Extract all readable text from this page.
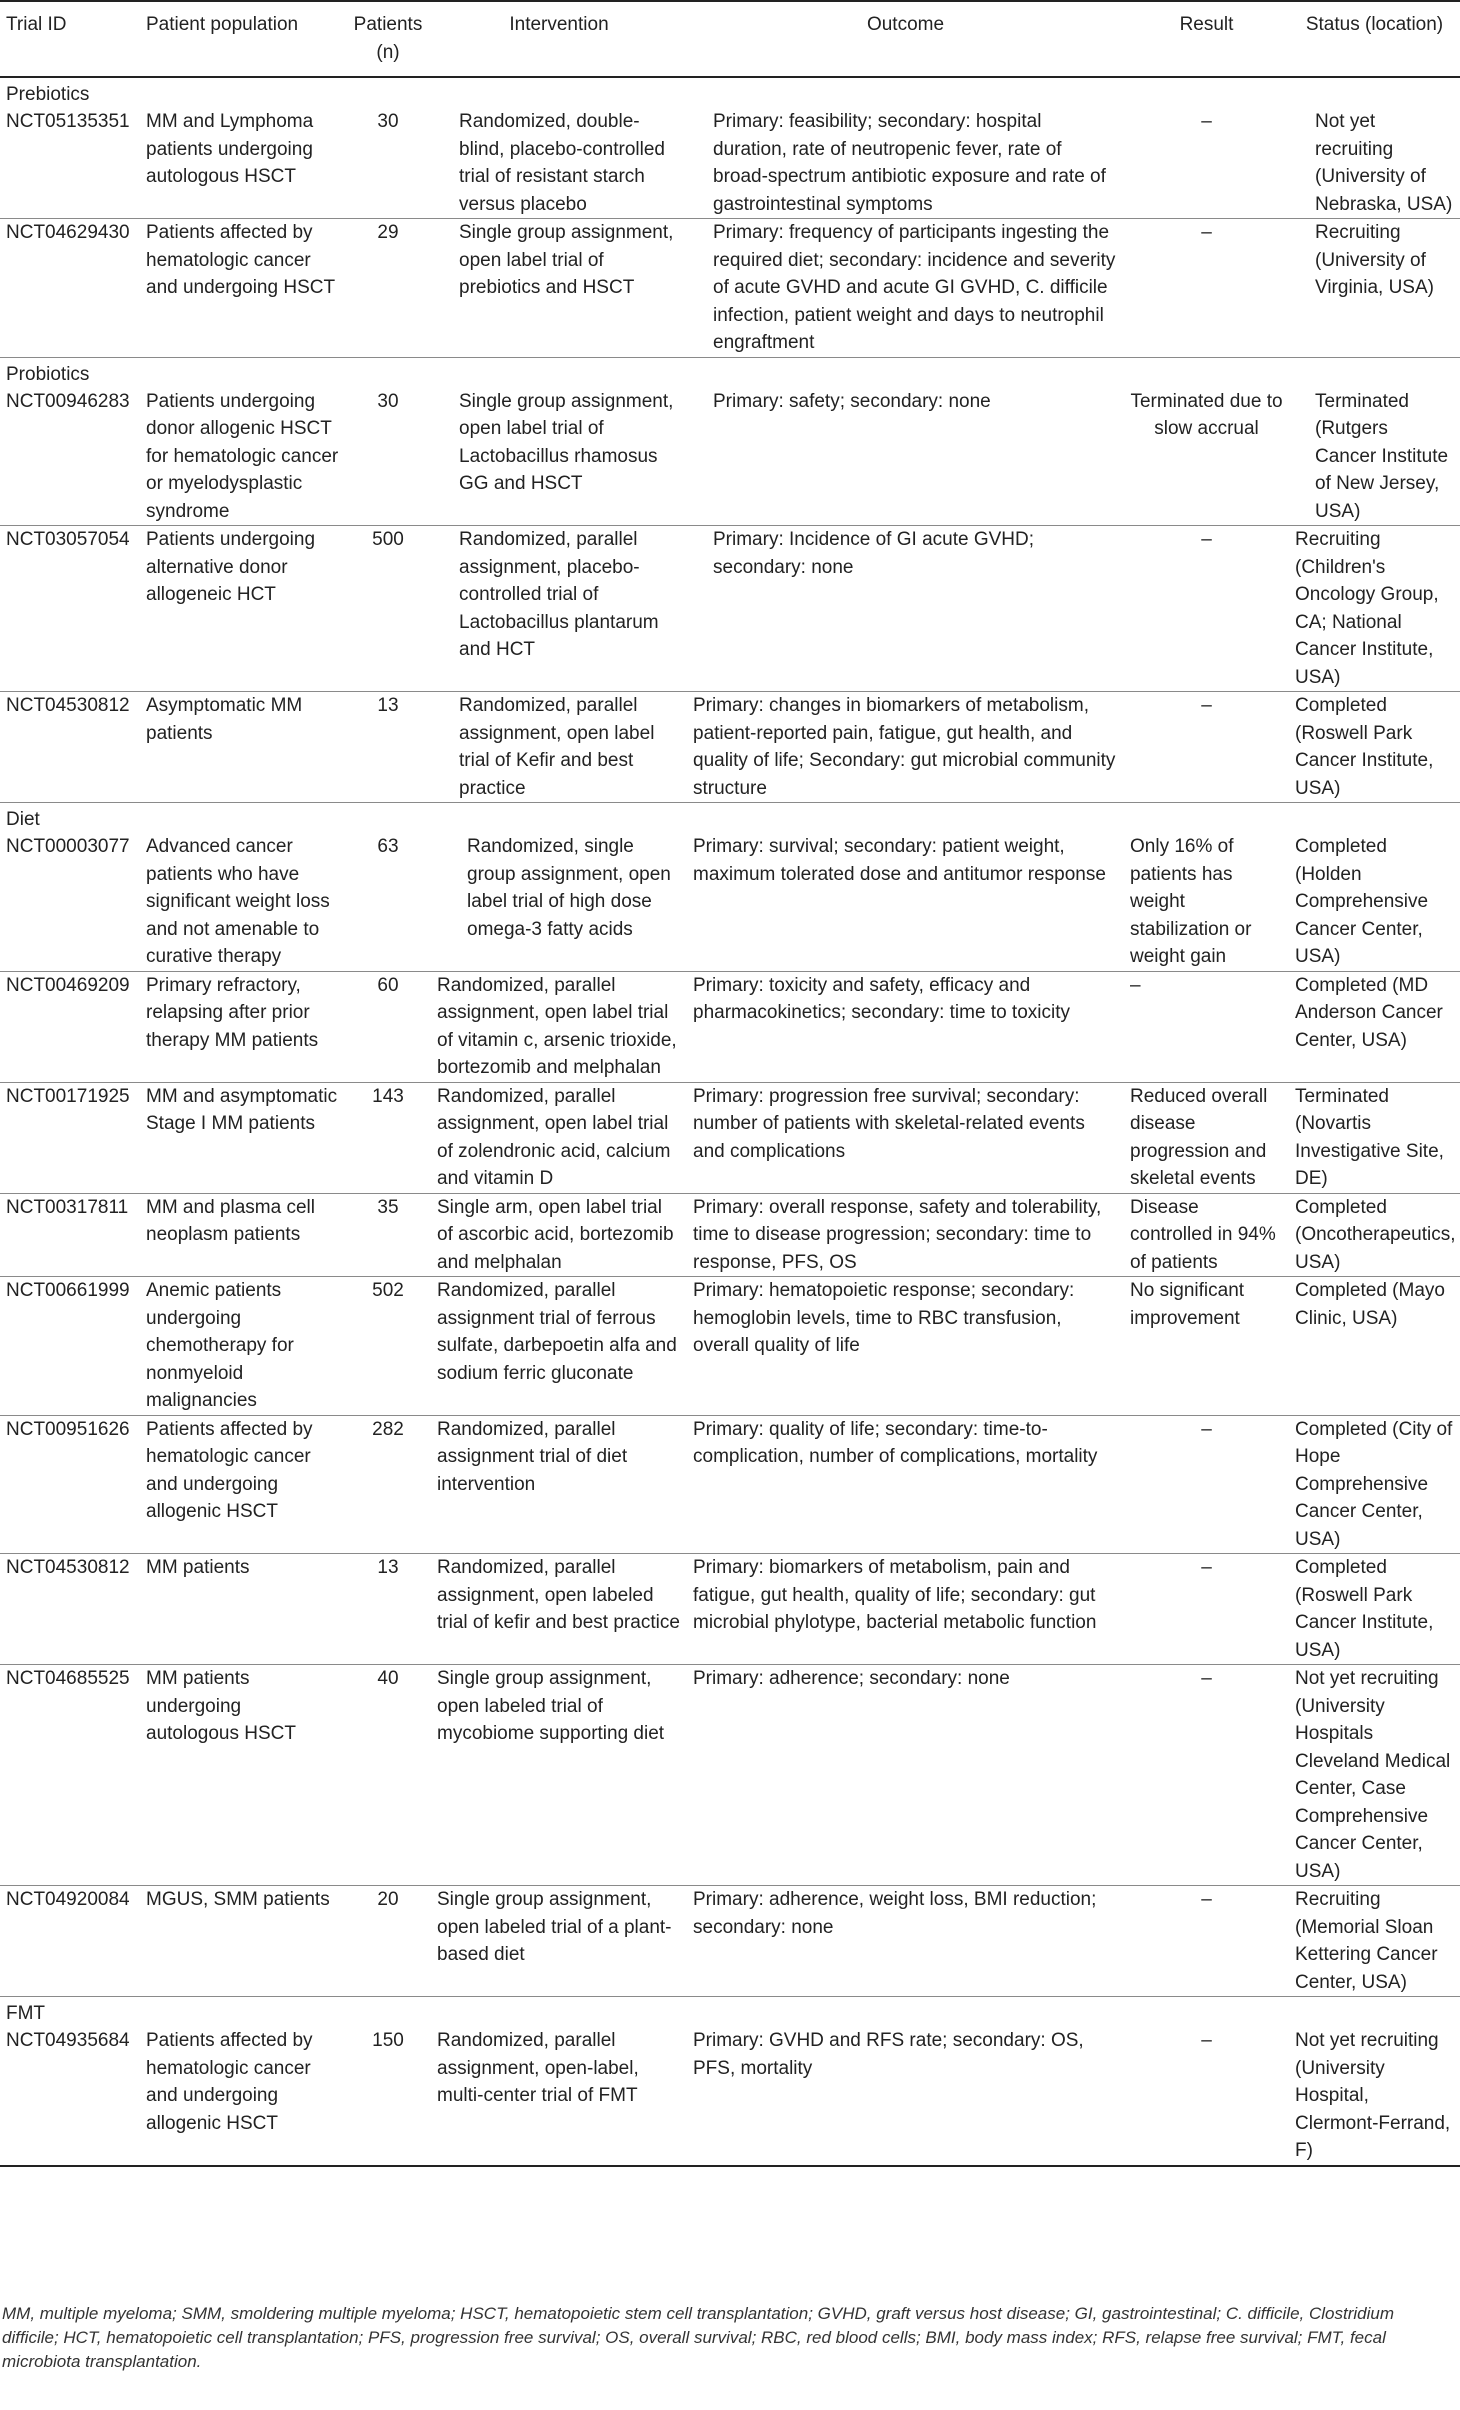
Trial ID	Patient population	Patients (n)	Intervention	Outcome	Result	Status (location)
Prebiotics						
NCT05135351	MM and Lymphoma patients undergoing autologous HSCT	30	Randomized, double-blind, placebo-controlled trial of resistant starch versus placebo	Primary: feasibility; secondary: hospital duration, rate of neutropenic fever, rate of broad-spectrum antibiotic exposure and rate of gastrointestinal symptoms	–	Not yet recruiting (University of Nebraska, USA)
NCT04629430	Patients affected by hematologic cancer and undergoing HSCT	29	Single group assignment, open label trial of prebiotics and HSCT	Primary: frequency of participants ingesting the required diet; secondary: incidence and severity of acute GVHD and acute GI GVHD, C. difficile infection, patient weight and days to neutrophil engraftment	–	Recruiting (University of Virginia, USA)
Probiotics						
NCT00946283	Patients undergoing donor allogenic HSCT for hematologic cancer or myelodysplastic syndrome	30	Single group assignment, open label trial of Lactobacillus rhamosus GG and HSCT	Primary: safety; secondary: none	Terminated due to slow accrual	Terminated (Rutgers Cancer Institute of New Jersey, USA)
NCT03057054	Patients undergoing alternative donor allogeneic HCT	500	Randomized, parallel assignment, placebo-controlled trial of Lactobacillus plantarum and HCT	Primary: Incidence of GI acute GVHD; secondary: none	–	Recruiting (Children's Oncology Group, CA; National Cancer Institute, USA)
NCT04530812	Asymptomatic MM patients	13	Randomized, parallel assignment, open label trial of Kefir and best practice	Primary: changes in biomarkers of metabolism, patient-reported pain, fatigue, gut health, and quality of life; Secondary: gut microbial community structure	–	Completed (Roswell Park Cancer Institute, USA)
Diet						
NCT00003077	Advanced cancer patients who have significant weight loss and not amenable to curative therapy	63	Randomized, single group assignment, open label trial of high dose omega-3 fatty acids	Primary: survival; secondary: patient weight, maximum tolerated dose and antitumor response	Only 16% of patients has weight stabilization or weight gain	Completed (Holden Comprehensive Cancer Center, USA)
NCT00469209	Primary refractory, relapsing after prior therapy MM patients	60	Randomized, parallel assignment, open label trial of vitamin c, arsenic trioxide, bortezomib and melphalan	Primary: toxicity and safety, efficacy and pharmacokinetics; secondary: time to toxicity	–	Completed (MD Anderson Cancer Center, USA)
NCT00171925	MM and asymptomatic Stage I MM patients	143	Randomized, parallel assignment, open label trial of zolendronic acid, calcium and vitamin D	Primary: progression free survival; secondary: number of patients with skeletal-related events and complications	Reduced overall disease progression and skeletal events	Terminated (Novartis Investigative Site, DE)
NCT00317811	MM and plasma cell neoplasm patients	35	Single arm, open label trial of ascorbic acid, bortezomib and melphalan	Primary: overall response, safety and tolerability, time to disease progression; secondary: time to response, PFS, OS	Disease controlled in 94% of patients	Completed (Oncotherapeutics, USA)
NCT00661999	Anemic patients undergoing chemotherapy for nonmyeloid malignancies	502	Randomized, parallel assignment trial of ferrous sulfate, darbepoetin alfa and sodium ferric gluconate	Primary: hematopoietic response; secondary: hemoglobin levels, time to RBC transfusion, overall quality of life	No significant improvement	Completed (Mayo Clinic, USA)
NCT00951626	Patients affected by hematologic cancer and undergoing allogenic HSCT	282	Randomized, parallel assignment trial of diet intervention	Primary: quality of life; secondary: time-to-complication, number of complications, mortality	–	Completed (City of Hope Comprehensive Cancer Center, USA)
NCT04530812	MM patients	13	Randomized, parallel assignment, open labeled trial of kefir and best practice	Primary: biomarkers of metabolism, pain and fatigue, gut health, quality of life; secondary: gut microbial phylotype, bacterial metabolic function	–	Completed (Roswell Park Cancer Institute, USA)
NCT04685525	MM patients undergoing autologous HSCT	40	Single group assignment, open labeled trial of mycobiome supporting diet	Primary: adherence; secondary: none	–	Not yet recruiting (University Hospitals Cleveland Medical Center, Case Comprehensive Cancer Center, USA)
NCT04920084	MGUS, SMM patients	20	Single group assignment, open labeled trial of a plant-based diet	Primary: adherence, weight loss, BMI reduction; secondary: none	–	Recruiting (Memorial Sloan Kettering Cancer Center, USA)
FMT						
NCT04935684	Patients affected by hematologic cancer and undergoing allogenic HSCT	150	Randomized, parallel assignment, open-label, multi-center trial of FMT	Primary: GVHD and RFS rate; secondary: OS, PFS, mortality	–	Not yet recruiting (University Hospital, Clermont-Ferrand, F)
MM, multiple myeloma; SMM, smoldering multiple myeloma; HSCT, hematopoietic stem cell transplantation; GVHD, graft versus host disease; GI, gastrointestinal; C. difficile, Clostridium difficile; HCT, hematopoietic cell transplantation; PFS, progression free survival; OS, overall survival; RBC, red blood cells; BMI, body mass index; RFS, relapse free survival; FMT, fecal microbiota transplantation.
